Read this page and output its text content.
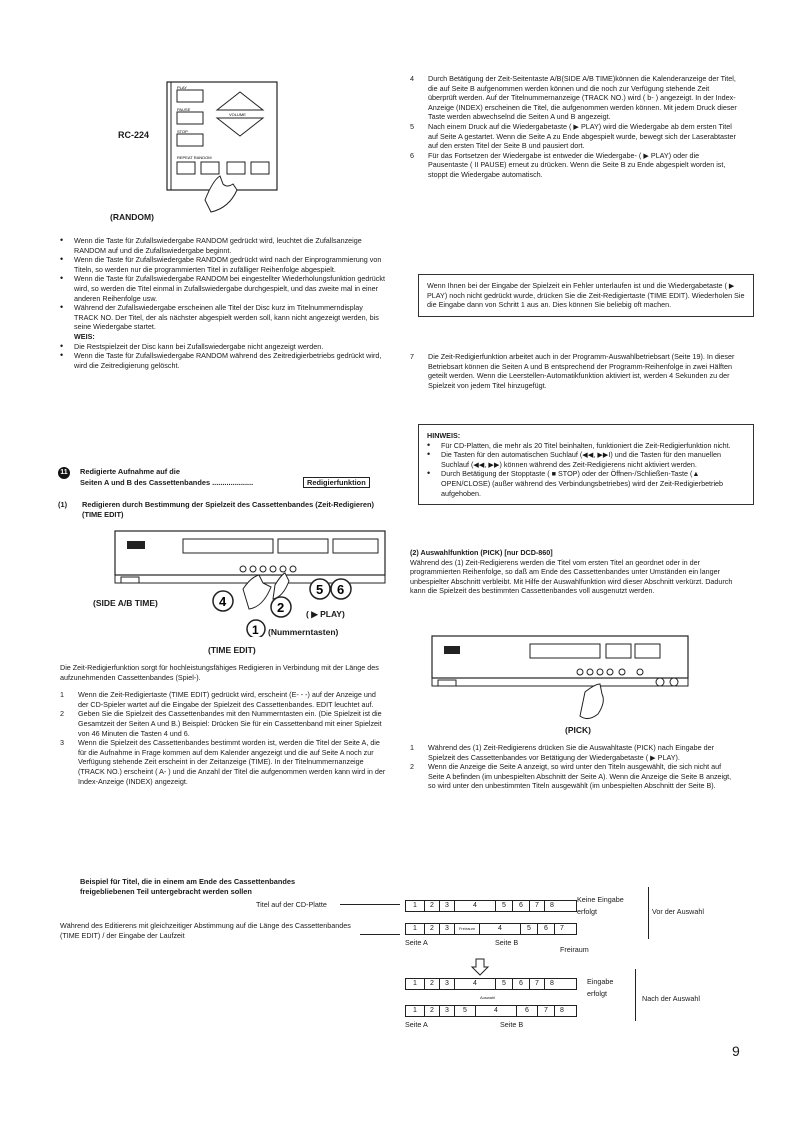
RC-224
PLAY
PAUSE
STOP
VOLUME
REPEAT RANDOM
(RANDOM)

• Wenn die Taste für Zufallswiedergabe RANDOM gedrückt wird, leuchtet die Zufallsanzeige RANDOM auf und die Zufallswiedergabe beginnt.

• Wenn die Taste für Zufallswiedergabe RANDOM gedrückt wird nach der Einprogrammierung von Titeln, so werden nur die programmierten Titel in zufälliger Reihenfolge abgespielt.

• Wenn die Taste für Zufallswiedergabe RANDOM bei eingestellter Wiederholungsfunktion gedrückt wird, so werden die Titel einmal in Zufallswiedergabe durchgespielt, und das zweite mal in einer anderen Reihenfolge usw.

• Während der Zufallswiedergabe erscheinen alle Titel der Disc kurz im Titelnummerndisplay TRACK NO. Der Titel, der als nächster abgespielt werden soll, kann nicht angezeigt werden, bis seine Wiedergabe startet.

WEIS:

• Die Restspielzeit der Disc kann bei Zufallswiedergabe nicht angezeigt werden.

• Wenn die Taste für Zufallswiedergabe RANDOM während des Zeitredigierbetriebs gedrückt wird, wird die Zeitredigierung gelöscht.

11	Redigierte Aufnahme auf die
Seiten A und B des Cassettenbandes ....................	Redigierfunktion
(1) Redigieren durch Bestimmung der Spielzeit des Cassettenbandes (Zeit-Redigieren)(TIME EDIT)
4	2
5 6
1
(SIDE A/B TIME)
( ▶ PLAY)
(Nummerntasten)
(TIME EDIT)

Die Zeit-Redigierfunktion sorgt für hochleistungsfähiges Redigieren in Verbindung mit der Länge des aufzunehmenden Cassettenbandes (Spiel-).

1 Wenn die Zeit-Redigiertaste (TIME EDIT) gedrückt wird, erscheint (E- - -) auf der Anzeige und der CD-Spieler wartet auf die Eingabe der Spielzeit des Cassettenbandes. EDIT leuchtet auf.
2 Geben Sie die Spielzeit des Cassettenbandes mit den Nummerntasten ein. (Die Spielzeit ist die Gesamtzeit der Seiten A und B.) Beispiel: Drücken Sie für ein Cassettenband mit einer Spielzeit von 46 Minuten die Tasten 4 und 6.
3 Wenn die Spielzeit des Cassettenbandes bestimmt worden ist, werden die Titel der Seite A, die für die Aufnahme in Frage kommen auf dem Kalender angezeigt und die auf Seite A noch zur Verfügung stehende Zeit erscheint in der Zeitanzeige (TIME). In der Titelnummernanzeige (TRACK NO.) erscheint ( A- ) und die Anzahl der Titel die aufgenommen werden kann wird in der Index-Anzeige (INDEX) angezeigt.
4 Durch Betätigung der Zeit-Seitentaste A/B(SIDE A/B TIME)können die Kalenderanzeige der Titel, die auf Seite B aufgenommen werden können und die noch zur Verfügung stehende Zeit überprüft werden. Auf der Titelnummernanzeige (TRACK NO.) wird ( b- ) angezeigt. In der Index-Anzeige (INDEX) erscheinen die Titel, die aufgenommen werden können. Mit jedem Druck dieser Taste werden abwechselnd die Seiten A und B angezeigt.
5 Nach einem Druck auf die Wiedergabetaste ( ▶ PLAY) wird die Wiedergabe ab dem ersten Titel auf Seite A gestartet. Wenn die Seite A zu Ende abgespielt wurde, bewegt sich der Laserabtaster auf den ersten Titel der Seite B und pausiert dort.
6 Für das Fortsetzen der Wiedergabe ist entweder die Wiedergabe- ( ▶ PLAY) oder die Pausentaste ( II PAUSE) erneut zu drücken. Wenn die Seite B zu Ende abgespielt worden ist, stoppt die Wiedergabe automatisch.

Wenn Ihnen bei der Eingabe der Spielzeit ein Fehler unterlaufen ist und die Wiedergabetaste ( ▶ PLAY) noch nicht gedrückt wurde, drücken Sie die Zeit-Redigiertaste (TIME EDIT). Wiederholen Sie die Eingabe dann von Schritt 1 aus an. Dies können Sie beliebig oft machen.

7 Die Zeit-Redigierfunktion arbeitet auch in der Programm-Auswahlbetriebsart (Seite 19). In dieser Betriebsart können die Seiten A und B entsprechend der Programm-Reihenfolge in zwei Hälften geteilt werden. Wenn die Leerstellen-Automatikfunktion aktiviert ist, werden 4 Sekunden zu der Spielzeit von jedem Titel hinzugefügt.

HINWEIS:

• Für CD-Platten, die mehr als 20 Titel beinhalten, funktioniert die Zeit-Redigierfunktion nicht.

• Die Tasten für den automatischen Suchlauf (◀◀, ▶▶I) und die Tasten für den manuellen Suchlauf (◀◀, ▶▶) können während des Zeit-Redigierens nicht aktiviert werden.

• Durch Betätigung der Stopptaste ( ■ STOP) oder der Öffnen-/Schließen-Taste (▲ OPEN/CLOSE) (außer während des Verbindungsbetriebes) wird der Zeit-Redigierbetrieb aufgehoben.

(2) Auswahlfunktion (PICK) [nur DCD-860]

Während des (1) Zeit-Redigierens werden die Titel vom ersten Titel an geordnet oder in der programmierten Reihenfolge, so daß am Ende des Cassettenbandes unter Umständen ein langer unbespielter Abschnitt verbleibt. Mit Hilfe der Auswahlfunktion wird dieser Abschnitt verkürzt. Dadurch kann die Spielzeit des bestimmten Cassettenbandes voll ausgenutzt werden.

(PICK)
1 Während des (1) Zeit-Redigierens drücken Sie die Auswahltaste (PICK) nach Eingabe der Spielzeit des Cassettenbandes vor Betätigung der Wiedergabetaste ( ▶ PLAY).
2 Wenn die Anzeige die Seite A anzeigt, so wird unter den Titeln ausgewählt, die sich nicht auf Seite A befinden (im unbespielten Abschnitt der Seite A). Wenn die Anzeige die Seite B anzeigt, so wird unter den unbestimmten Titeln ausgewählt (im unbespielten Abschnitt der Seite B).
Beispiel für Titel, die in einem am Ende des Cassettenbandes
freigebliebenen Teil untergebracht werden sollen
Titel auf der CD-Platte
Während des Editierens mit gleichzeitiger Abstimmung auf die Länge des Cassettenbandes (TIME EDIT) / der Eingabe der Laufzeit
1	2	3	4	5	6	7	8
1	2	3	Freiraum	4	5	6	7
Keine Eingabe
erfolgt
Freiraum
Seite A	Seite B
Vor der Auswahl
1	2	3	4	5	6	7	8
Auswahl
1	2	3	5	4	6	7	8
Eingabe
erfolgt
Seite A	Seite B
Nach der Auswahl
9
